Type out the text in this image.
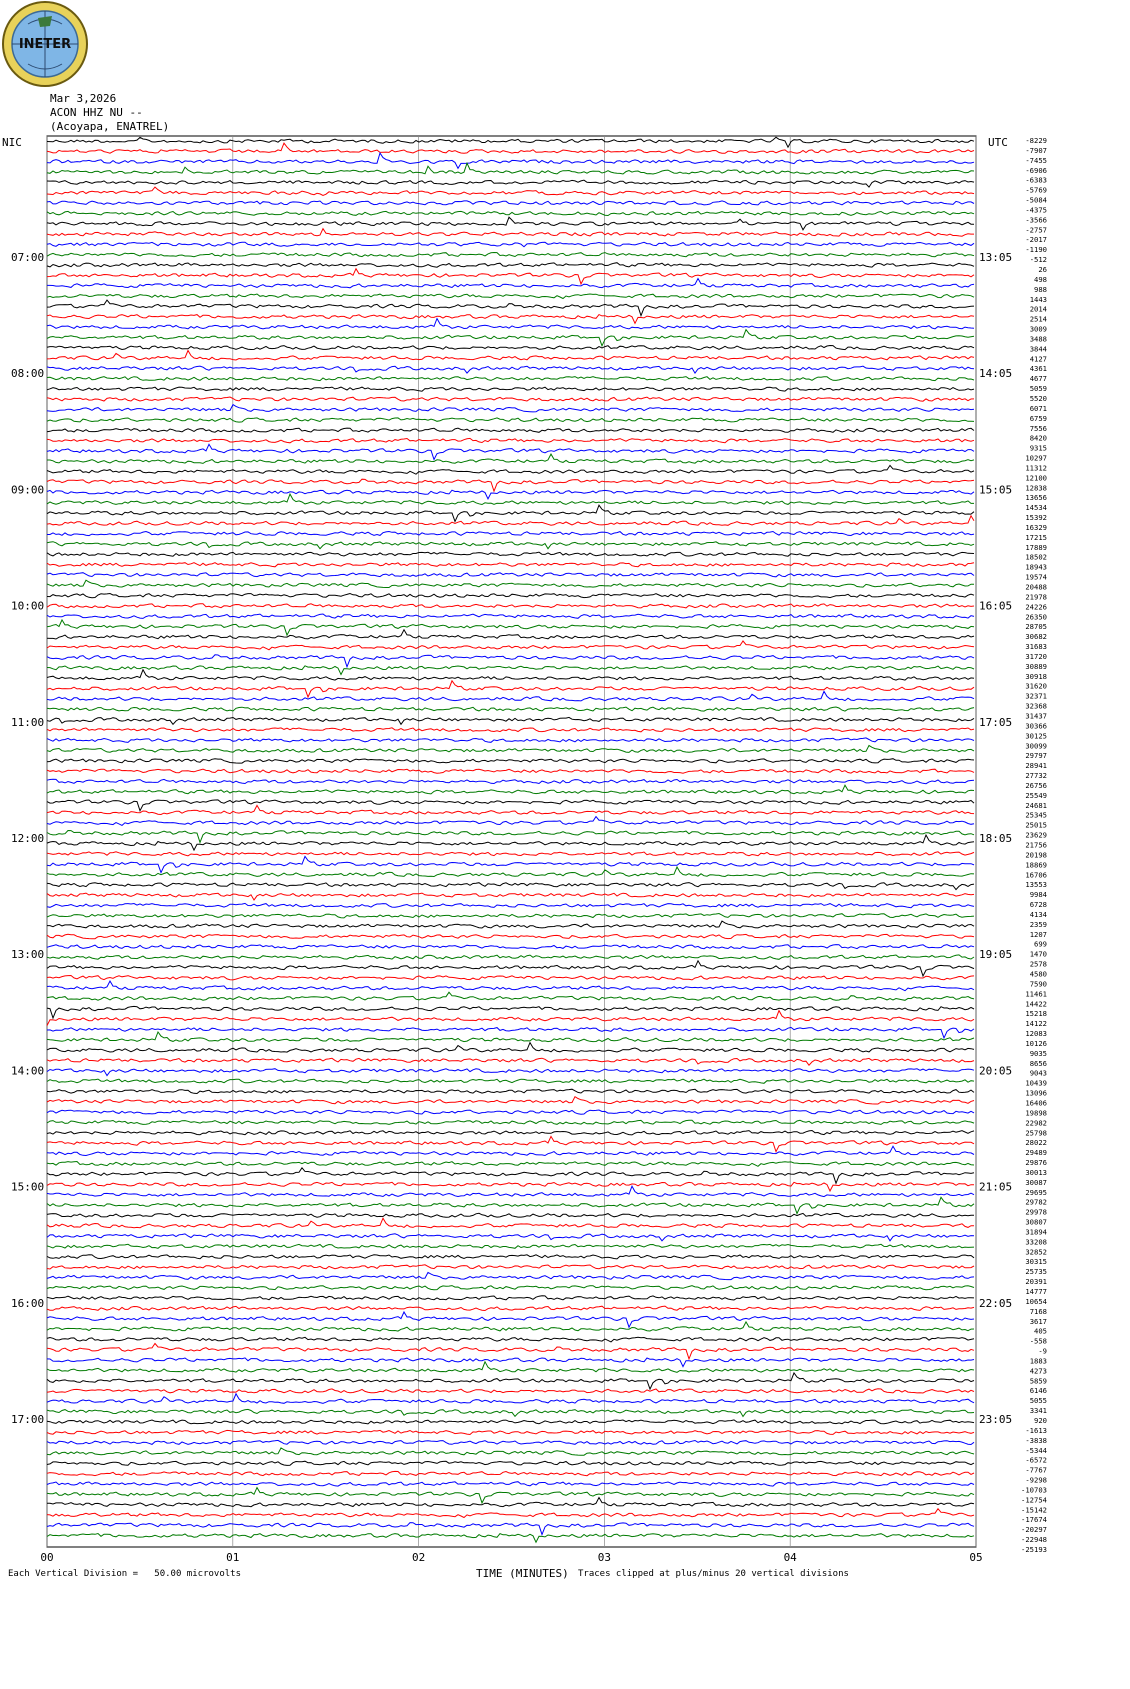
INETER
Mar 3,2026
ACON HHZ NU --
(Acoyapa, ENATREL)
00	01	02	03	04	05
07:00
08:00
09:00
10:00
11:00
12:00
13:00
14:00
15:00
16:00
17:00
13:05
14:05
15:05
16:05
17:05
18:05
19:05
20:05
21:05
22:05
23:05
-8229
-7907
-7455
-6906
-6383
-5769
-5084
-4375
-3566
-2757
-2017
-1190
-512
26
498
988
1443
2014
2514
3009
3488
3844
4127
4361
4677
5059
5520
6071
6759
7556
8420
9315
10297
11312
12100
12838
13656
14534
15392
16329
17215
17889
18502
18943
19574
20488
21978
24226
26350
28705
30682
31683
31720
30889
30918
31620
32371
32368
31437
30366
30125
30099
29797
28941
27732
26756
25549
24681
25345
25015
23629
21756
20198
18869
16706
13553
9984
6728
4134
2359
1207
699
1470
2578
4580
7590
11461
14422
15218
14122
12083
10126
9035
8656
9043
10439
13096
16406
19898
22982
25798
28022
29489
29876
30013
30087
29695
29782
29978
30807
31894
33208
32852
30315
25735
20391
14777
10654
7168
3617
405
-558
-9
1883
4273
5859
6146
5055
3341
920
-1613
-3838
-5344
-6572
-7767
-9298
-10703
-12754
-15142
-17674
-20297
-22948
-25193
NIC	UTC
Each Vertical Division =   50.00 microvolts	TIME (MINUTES) Traces clipped at plus/minus 20 vertical divisions
